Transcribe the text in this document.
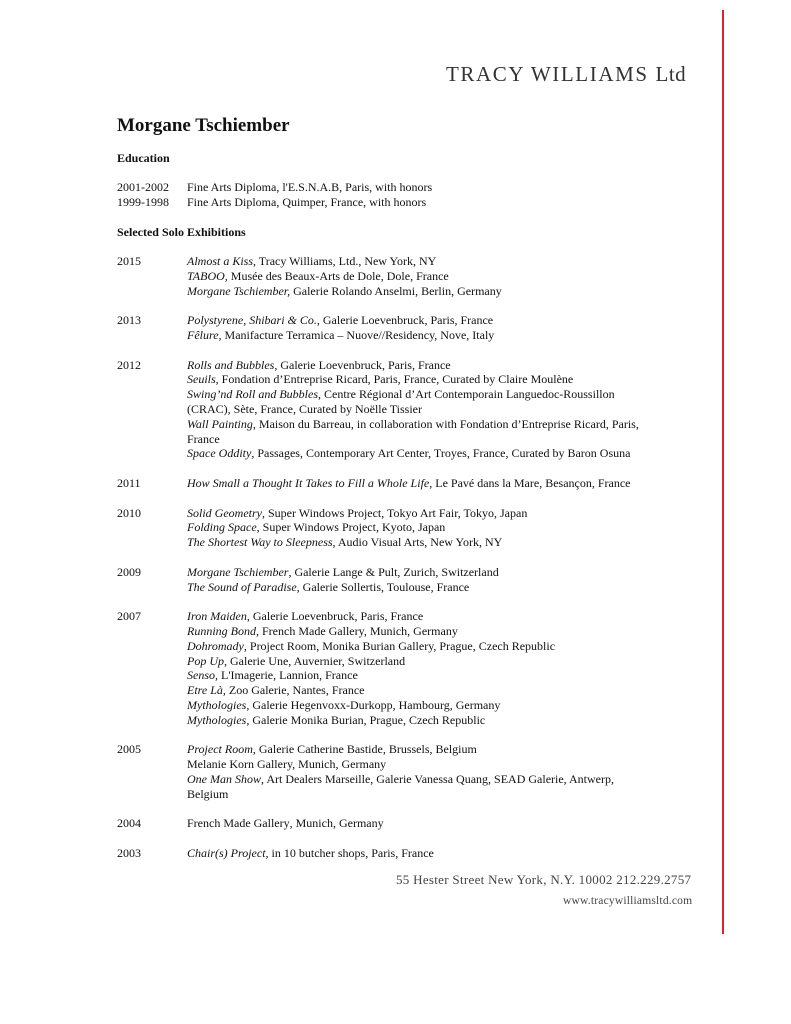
TRACY WILLIAMS Ltd
Morgane Tschiember
Education
2001-2002 Fine Arts Diploma, l'E.S.N.A.B, Paris, with honors
1999-1998 Fine Arts Diploma, Quimper, France, with honors
Selected Solo Exhibitions
2015	Almost a Kiss, Tracy Williams, Ltd., New York, NY
TABOO, Musée des Beaux-Arts de Dole, Dole, France
Morgane Tschiember, Galerie Rolando Anselmi, Berlin, Germany
2013	Polystyrene, Shibari & Co., Galerie Loevenbruck, Paris, France
Fêlure, Manifacture Terramica – Nuove//Residency, Nove, Italy
2012	Rolls and Bubbles, Galerie Loevenbruck, Paris, France
Seuils, Fondation d’Entreprise Ricard, Paris, France, Curated by Claire Moulène
Swing’nd Roll and Bubbles, Centre Régional d’Art Contemporain Languedoc-Roussillon
(CRAC), Sète, France, Curated by Noëlle Tissier
Wall Painting, Maison du Barreau, in collaboration with Fondation d’Entreprise Ricard, Paris,
France
Space Oddity, Passages, Contemporary Art Center, Troyes, France, Curated by Baron Osuna
2011	How Small a Thought It Takes to Fill a Whole Life, Le Pavé dans la Mare, Besançon, France
2010	Solid Geometry, Super Windows Project, Tokyo Art Fair, Tokyo, Japan
Folding Space, Super Windows Project, Kyoto, Japan
The Shortest Way to Sleepness, Audio Visual Arts, New York, NY
2009	Morgane Tschiember, Galerie Lange & Pult, Zurich, Switzerland
The Sound of Paradise, Galerie Sollertis, Toulouse, France
2007	Iron Maiden, Galerie Loevenbruck, Paris, France
Running Bond, French Made Gallery, Munich, Germany
Dohromady, Project Room, Monika Burian Gallery, Prague, Czech Republic
Pop Up, Galerie Une, Auvernier, Switzerland
Senso, L'Imagerie, Lannion, France
Etre Là, Zoo Galerie, Nantes, France
Mythologies, Galerie Hegenvoxx-Durkopp, Hambourg, Germany
Mythologies, Galerie Monika Burian, Prague, Czech Republic
2005	Project Room, Galerie Catherine Bastide, Brussels, Belgium
Melanie Korn Gallery, Munich, Germany
One Man Show, Art Dealers Marseille, Galerie Vanessa Quang, SEAD Galerie, Antwerp,
Belgium
2004	French Made Gallery, Munich, Germany
2003	Chair(s) Project, in 10 butcher shops, Paris, France
55 Hester Street New York, N.Y. 10002 212.229.2757
www.tracywilliamsltd.com
